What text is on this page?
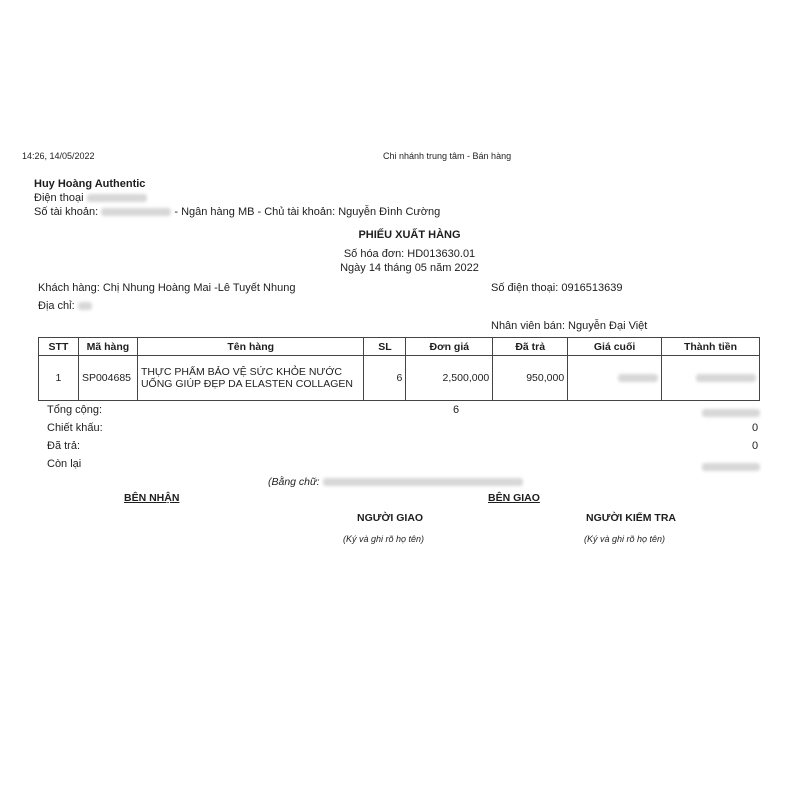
14:26, 14/05/2022	Chi nhánh trung tâm - Bán hàng
Huy Hoàng Authentic
Điện thoại
Số tài khoản:	- Ngân hàng MB - Chủ tài khoản: Nguyễn Đình Cường
PHIẾU XUẤT HÀNG
Số hóa đơn: HD013630.01
Ngày 14 tháng 05 năm 2022
Khách hàng: Chị Nhung Hoàng Mai -Lê Tuyết Nhung	Số điện thoại: 0916513639
Địa chỉ:
Nhân viên bán: Nguyễn Đại Việt
STT	Mã hàng	Tên hàng	SL	Đơn giá	Đã trả	Giá cuối	Thành tiền
1	SP004685	THỰC PHẨM BẢO VỆ SỨC KHỎE NƯỚC UỐNG GIÚP ĐẸP DA ELASTEN COLLAGEN	6	2,500,000	950,000		
Tổng cộng:	6
Chiết khấu:	0
Đã trả:	0
Còn lại
(Bằng chữ:
BÊN NHẬN	BÊN GIAO
NGƯỜI GIAO	NGƯỜI KIỂM TRA
(Ký và ghi rõ họ tên)	(Ký và ghi rõ họ tên)
